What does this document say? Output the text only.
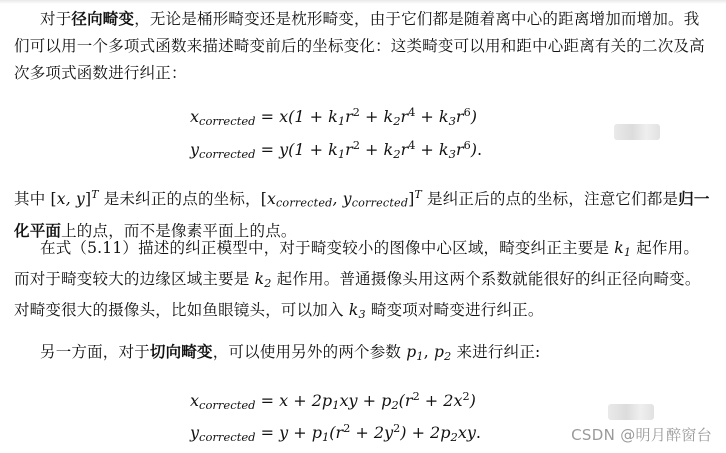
对于径向畸变，无论是桶形畸变还是枕形畸变，由于它们都是随着离中心的距离增加而增加。我们可以用一个多项式函数来描述畸变前后的坐标变化：这类畸变可以用和距中心距离有关的二次及高次多项式函数进行纠正：
$x_{corrected} = x(1 + k_1r^2 + k_2r^4 + k_3r^6)$
$y_{corrected} = y(1 + k_1r^2 + k_2r^4 + k_3r^6)$.
其中 [x, y]$^T$ 是未纠正的点的坐标，[$x_{corrected}$, $y_{corrected}]^T$ 是纠正后的点的坐标，注意它们都是归一化平面上的点，而不是像素平面上的点。
在式（5.11）描述的纠正模型中，对于畸变较小的图像中心区域，畸变纠正主要是 $k_1$ 起作用。而对于畸变较大的边缘区域主要是 $k_2$ 起作用。普通摄像头用这两个系数就能很好的纠正径向畸变。对畸变很大的摄像头，比如鱼眼镜头，可以加入 $k_3$ 畸变项对畸变进行纠正。
另一方面，对于切向畸变，可以使用另外的两个参数 $p_1$, $p_2$ 来进行纠正:
$x_{corrected} = x + 2p_1xy + p_2(r^2 + 2x^2)$
$y_{corrected} = y + p_1(r^2 + 2y^2) + 2p_2xy$.	CSDN @明月醉窗台
